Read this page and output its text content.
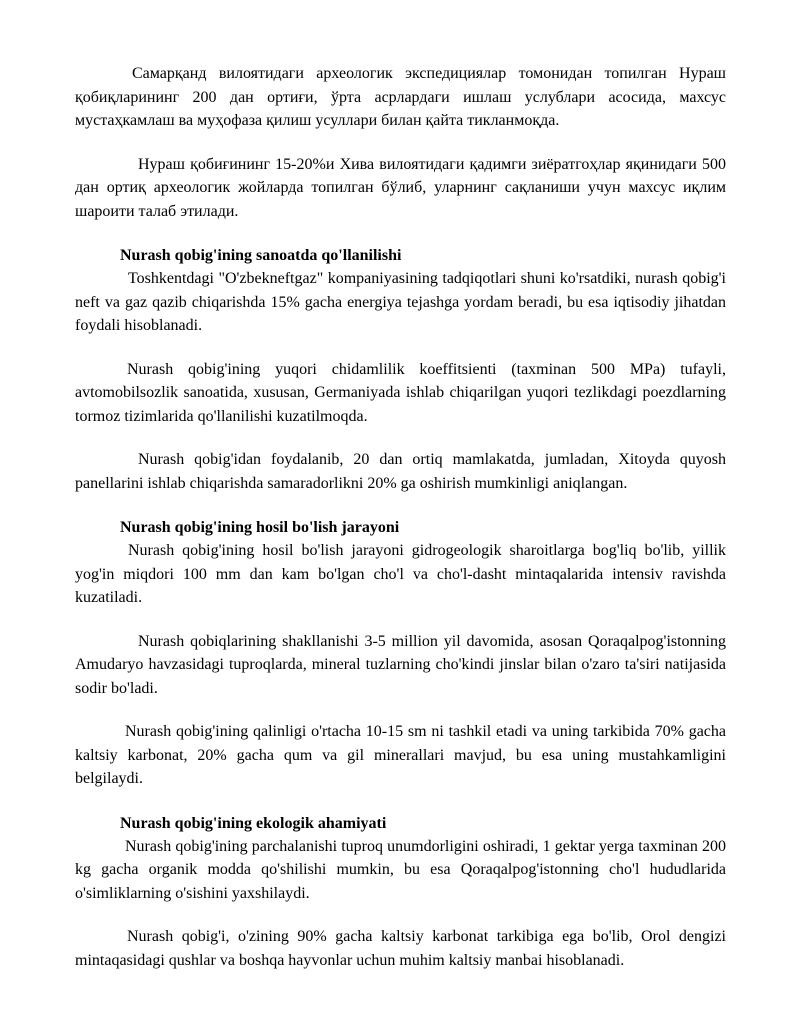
Самарқанд вилоятидаги археологик экспедициялар томонидан топилган Нураш қобиқларининг 200 дан ортиғи, ўрта асрлардаги ишлаш услублари асосида, махсус мустаҳкамлаш ва муҳофаза қилиш усуллари билан қайта тикланмоқда.

Нураш қобиғининг 15-20%и Хива вилоятидаги қадимги зиёратгоҳлар яқинидаги 500 дан ортиқ археологик жойларда топилган бўлиб, уларнинг сақланиши учун махсус иқлим шароити талаб этилади.

Nurash qobig'ining sanoatda qo'llanilishi

Toshkentdagi "O'zbekneftgaz" kompaniyasining tadqiqotlari shuni ko'rsatdiki, nurash qobig'i neft va gaz qazib chiqarishda 15% gacha energiya tejashga yordam beradi, bu esa iqtisodiy jihatdan foydali hisoblanadi.

Nurash qobig'ining yuqori chidamlilik koeffitsienti (taxminan 500 MPa) tufayli, avtomobilsozlik sanoatida, xususan, Germaniyada ishlab chiqarilgan yuqori tezlikdagi poezdlarning tormoz tizimlarida qo'llanilishi kuzatilmoqda.

Nurash qobig'idan foydalanib, 20 dan ortiq mamlakatda, jumladan, Xitoyda quyosh panellarini ishlab chiqarishda samaradorlikni 20% ga oshirish mumkinligi aniqlangan.

Nurash qobig'ining hosil bo'lish jarayoni

Nurash qobig'ining hosil bo'lish jarayoni gidrogeologik sharoitlarga bog'liq bo'lib, yillik yog'in miqdori 100 mm dan kam bo'lgan cho'l va cho'l-dasht mintaqalarida intensiv ravishda kuzatiladi.

Nurash qobiqlarining shakllanishi 3-5 million yil davomida, asosan Qoraqalpog'istonning Amudaryo havzasidagi tuproqlarda, mineral tuzlarning cho'kindi jinslar bilan o'zaro ta'siri natijasida sodir bo'ladi.

Nurash qobig'ining qalinligi o'rtacha 10-15 sm ni tashkil etadi va uning tarkibida 70% gacha kaltsiy karbonat, 20% gacha qum va gil minerallari mavjud, bu esa uning mustahkamligini belgilaydi.

Nurash qobig'ining ekologik ahamiyati

Nurash qobig'ining parchalanishi tuproq unumdorligini oshiradi, 1 gektar yerga taxminan 200 kg gacha organik modda qo'shilishi mumkin, bu esa Qoraqalpog'istonning cho'l hududlarida o'simliklarning o'sishini yaxshilaydi.

Nurash qobig'i, o'zining 90% gacha kaltsiy karbonat tarkibiga ega bo'lib, Orol dengizi mintaqasidagi qushlar va boshqa hayvonlar uchun muhim kaltsiy manbai hisoblanadi.
